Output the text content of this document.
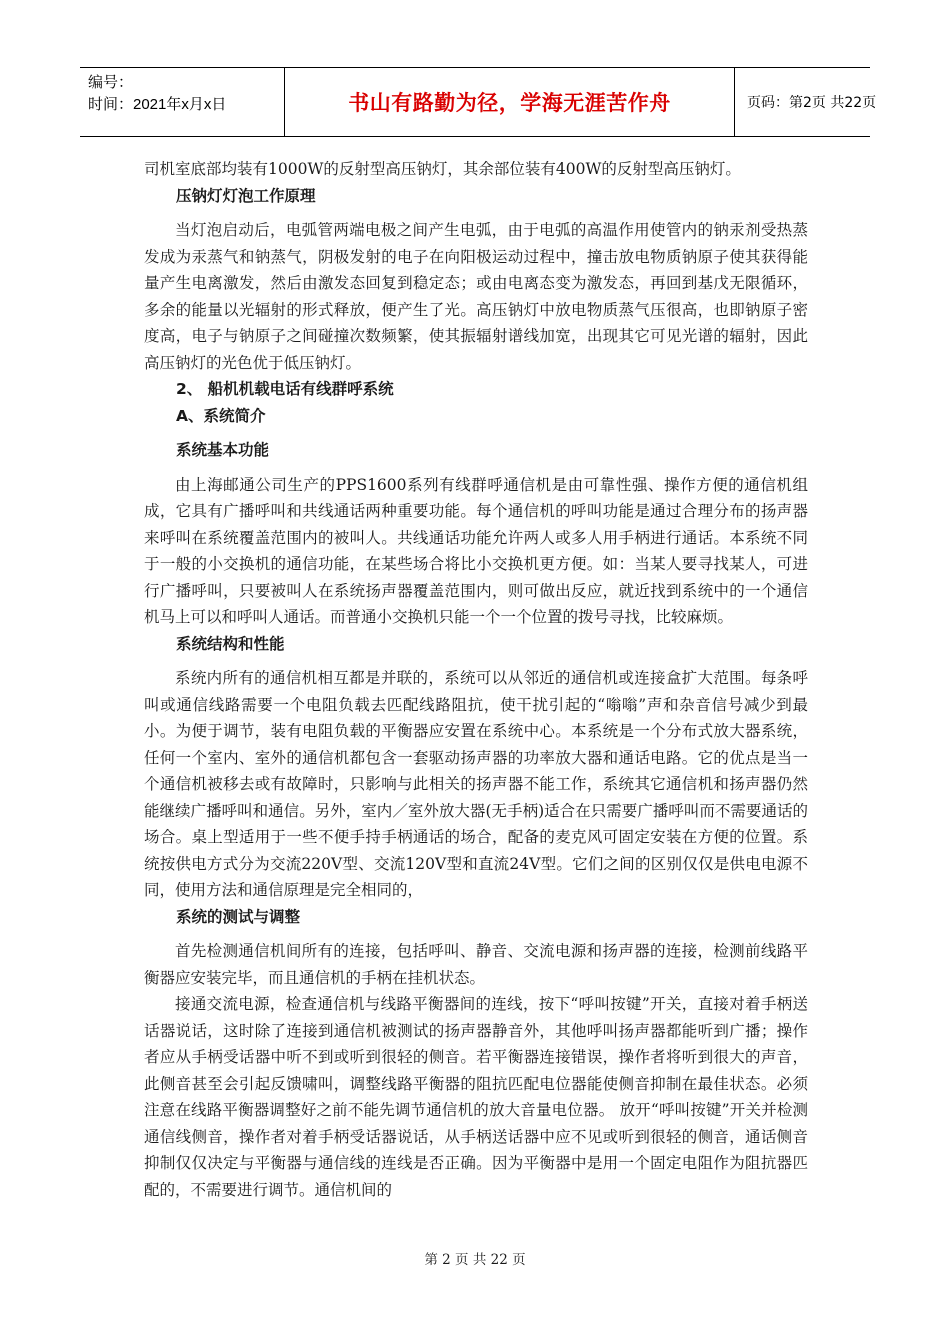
编号：
时间：2021年x月x日	书山有路勤为径，学海无涯苦作舟	页码：第2页 共22页

司机室底部均装有1000W的反射型高压钠灯，其余部位装有400W的反射型高压钠灯。

压钠灯灯泡工作原理

当灯泡启动后，电弧管两端电极之间产生电弧，由于电弧的高温作用使管内的钠汞剂受热蒸发成为汞蒸气和钠蒸气，阴极发射的电子在向阳极运动过程中，撞击放电物质钠原子使其获得能量产生电离激发，然后由激发态回复到稳定态；或由电离态变为激发态，再回到基戊无限循环，多余的能量以光辐射的形式释放，便产生了光。高压钠灯中放电物质蒸气压很高，也即钠原子密度高，电子与钠原子之间碰撞次数频繁，使其振辐射谱线加宽，出现其它可见光谱的辐射，因此高压钠灯的光色优于低压钠灯。

2、 船机机载电话有线群呼系统

A、系统简介

系统基本功能

由上海邮通公司生产的PPS1600系列有线群呼通信机是由可靠性强、操作方便的通信机组成，它具有广播呼叫和共线通话两种重要功能。每个通信机的呼叫功能是通过合理分布的扬声器来呼叫在系统覆盖范围内的被叫人。共线通话功能允许两人或多人用手柄进行通话。本系统不同于一般的小交换机的通信功能，在某些场合将比小交换机更方便。如：当某人要寻找某人，可进行广播呼叫，只要被叫人在系统扬声器覆盖范围内，则可做出反应，就近找到系统中的一个通信机马上可以和呼叫人通话。而普通小交换机只能一个一个位置的拨号寻找，比较麻烦。

系统结构和性能

系统内所有的通信机相互都是并联的，系统可以从邻近的通信机或连接盒扩大范围。每条呼叫或通信线路需要一个电阻负载去匹配线路阻抗，使干扰引起的“嗡嗡”声和杂音信号减少到最小。为便于调节，装有电阻负载的平衡器应安置在系统中心。本系统是一个分布式放大器系统，任何一个室内、室外的通信机都包含一套驱动扬声器的功率放大器和通话电路。它的优点是当一个通信机被移去或有故障时，只影响与此相关的扬声器不能工作，系统其它通信机和扬声器仍然能继续广播呼叫和通信。另外，室内／室外放大器(无手柄)适合在只需要广播呼叫而不需要通话的场合。桌上型适用于一些不便手持手柄通话的场合，配备的麦克风可固定安装在方便的位置。系统按供电方式分为交流220V型、交流120V型和直流24V型。它们之间的区别仅仅是供电电源不同，使用方法和通信原理是完全相同的，

系统的测试与调整

首先检测通信机间所有的连接，包括呼叫、静音、交流电源和扬声器的连接，检测前线路平衡器应安装完毕，而且通信机的手柄在挂机状态。

接通交流电源，检查通信机与线路平衡器间的连线，按下“呼叫按键”开关，直接对着手柄送话器说话，这时除了连接到通信机被测试的扬声器静音外，其他呼叫扬声器都能听到广播；操作者应从手柄受话器中听不到或听到很轻的侧音。若平衡器连接错误，操作者将听到很大的声音，此侧音甚至会引起反馈啸叫，调整线路平衡器的阻抗匹配电位器能使侧音抑制在最佳状态。必须注意在线路平衡器调整好之前不能先调节通信机的放大音量电位器。 放开“呼叫按键”开关并检测通信线侧音，操作者对着手柄受话器说话，从手柄送话器中应不见或听到很轻的侧音，通话侧音抑制仅仅决定与平衡器与通信线的连线是否正确。因为平衡器中是用一个固定电阻作为阻抗器匹配的，不需要进行调节。通信机间的

第 2 页 共 22 页
